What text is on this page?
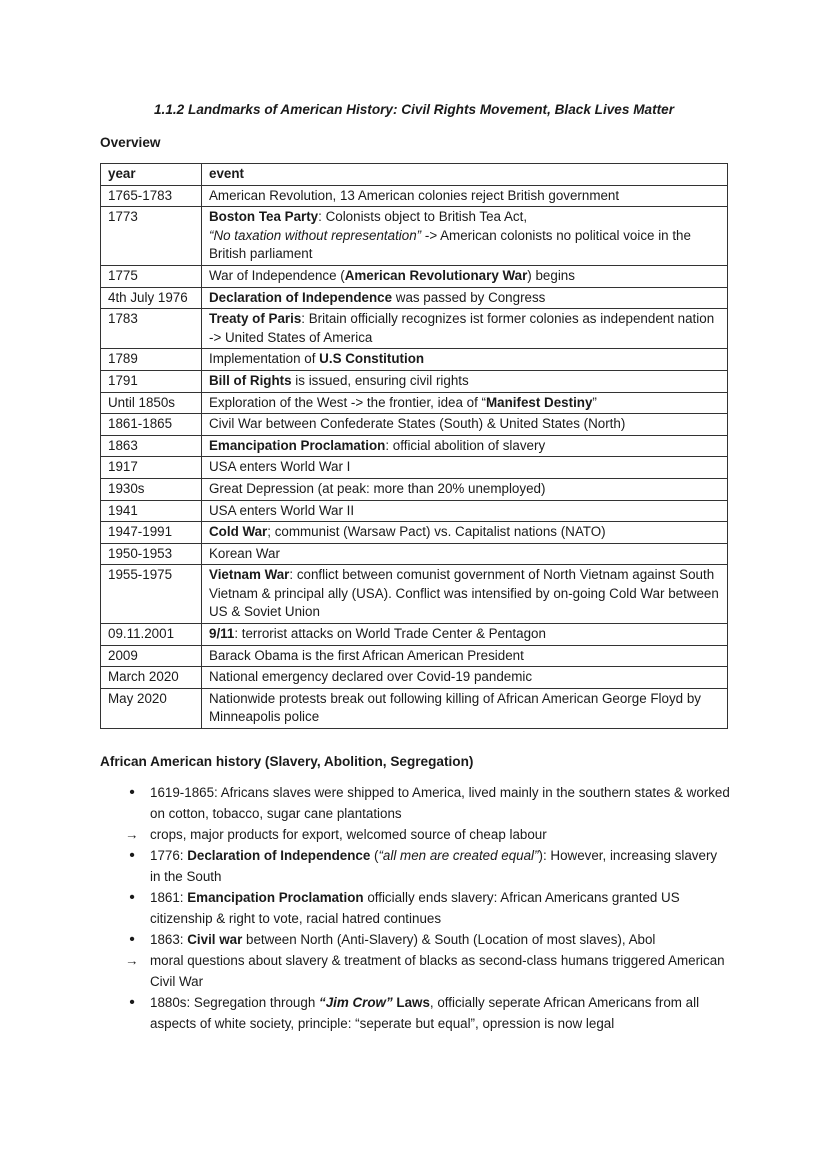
1.1.2 Landmarks of American History: Civil Rights Movement, Black Lives Matter
Overview
year	event
1765-1783	American Revolution, 13 American colonies reject British government
1773	Boston Tea Party: Colonists object to British Tea Act,
“No taxation without representation” -> American colonists no political voice in the British parliament
1775	War of Independence (American Revolutionary War) begins
4th July 1976	Declaration of Independence was passed by Congress
1783	Treaty of Paris: Britain officially recognizes ist former colonies as independent nation -> United States of America
1789	Implementation of U.S Constitution
1791	Bill of Rights is issued, ensuring civil rights
Until 1850s	Exploration of the West -> the frontier, idea of “Manifest Destiny”
1861-1865	Civil War between Confederate States (South) & United States (North)
1863	Emancipation Proclamation: official abolition of slavery
1917	USA enters World War I
1930s	Great Depression (at peak: more than 20% unemployed)
1941	USA enters World War II
1947-1991	Cold War; communist (Warsaw Pact) vs. Capitalist nations (NATO)
1950-1953	Korean War
1955-1975	Vietnam War: conflict between comunist government of North Vietnam against South Vietnam & principal ally (USA). Conflict was intensified by on-going Cold War between US & Soviet Union
09.11.2001	9/11: terrorist attacks on World Trade Center & Pentagon
2009	Barack Obama is the first African American President
March 2020	National emergency declared over Covid-19 pandemic
May 2020	Nationwide protests break out following killing of African American George Floyd by Minneapolis police
African American history (Slavery, Abolition, Segregation)
•
1619-1865: Africans slaves were shipped to America, lived mainly in the southern states & worked on cotton, tobacco, sugar cane plantations
→
crops, major products for export, welcomed source of cheap labour
•
1776: Declaration of Independence (“all men are created equal”): However, increasing slavery in the South
•
1861: Emancipation Proclamation officially ends slavery: African Americans granted US citizenship & right to vote, racial hatred continues
•
1863: Civil war between North (Anti-Slavery) & South (Location of most slaves), Abol
→
moral questions about slavery & treatment of blacks as second-class humans triggered American Civil War
•
1880s: Segregation through “Jim Crow” Laws, officially seperate African Americans from all aspects of white society, principle: “seperate but equal”, opression is now legal
